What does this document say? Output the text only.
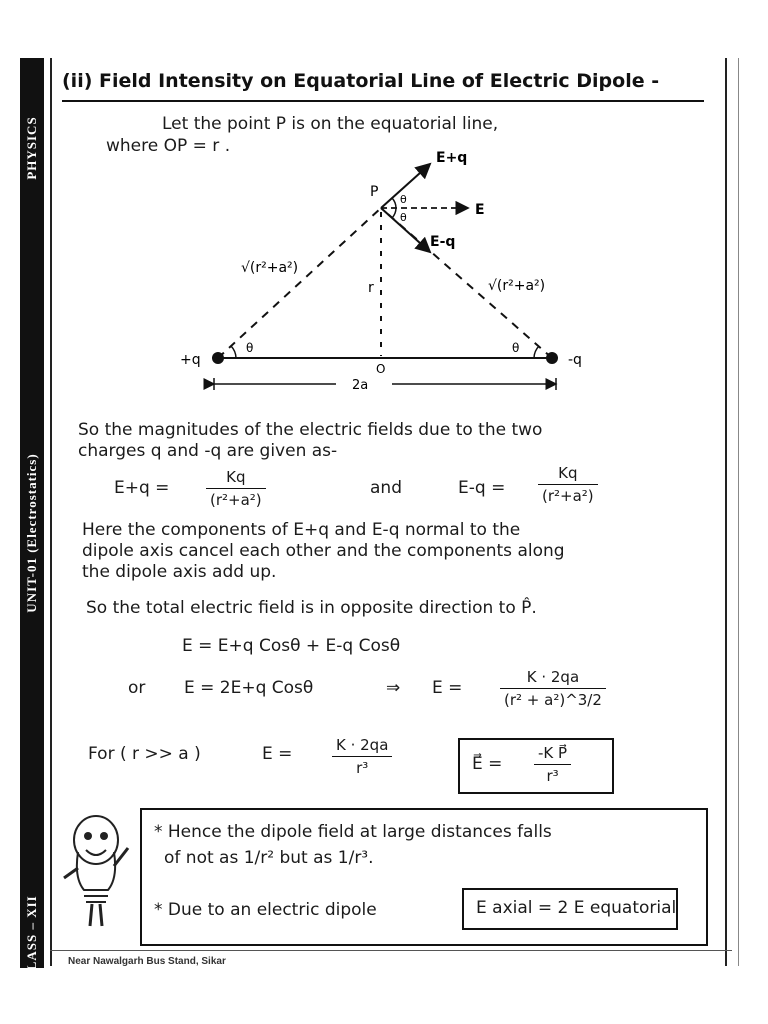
PHYSICS
UNIT-01 (Electrostatics)
CLASS – XII
(ii) Field Intensity on Equatorial Line of Electric Dipole -
Let the point P is on the equatorial line,
where OP = r .
E+q
E
E-q
P θ
θ
√(r²+a²)
√(r²+a²)
r
+q	-q
θ	θ
O
2a
So the magnitudes of the electric fields due to the two
charges q and -q are given as-
$E+q = \frac{Kq}{\text{(r²+a²)}}$	and	$E-q = \frac{Kq}{\text{(r²+a²)}}$
Here the components of E+q and E-q normal to the
dipole axis cancel each other and the components along
the dipole axis add up.
So the total electric field is in opposite direction to P̂.
E = E+q Cosθ + E-q Cosθ
or E = 2E+q Cosθ	⇒ E =	$\frac{K \cdot 2qa}{\text{(r² + a²)\textasciicircum{}3/2}}$
For ( r >> a )	E =	$\frac{K \cdot 2qa}{\text{r³}}$	E⃗ = $\frac{\text{-K P⃗}}{\text{r³}}$
* Hence the dipole field at large distances falls
of not as 1/r² but as 1/r³.
* Due to an electric dipole	E axial = 2 E equatorial
Near Nawalgarh Bus Stand, Sikar
